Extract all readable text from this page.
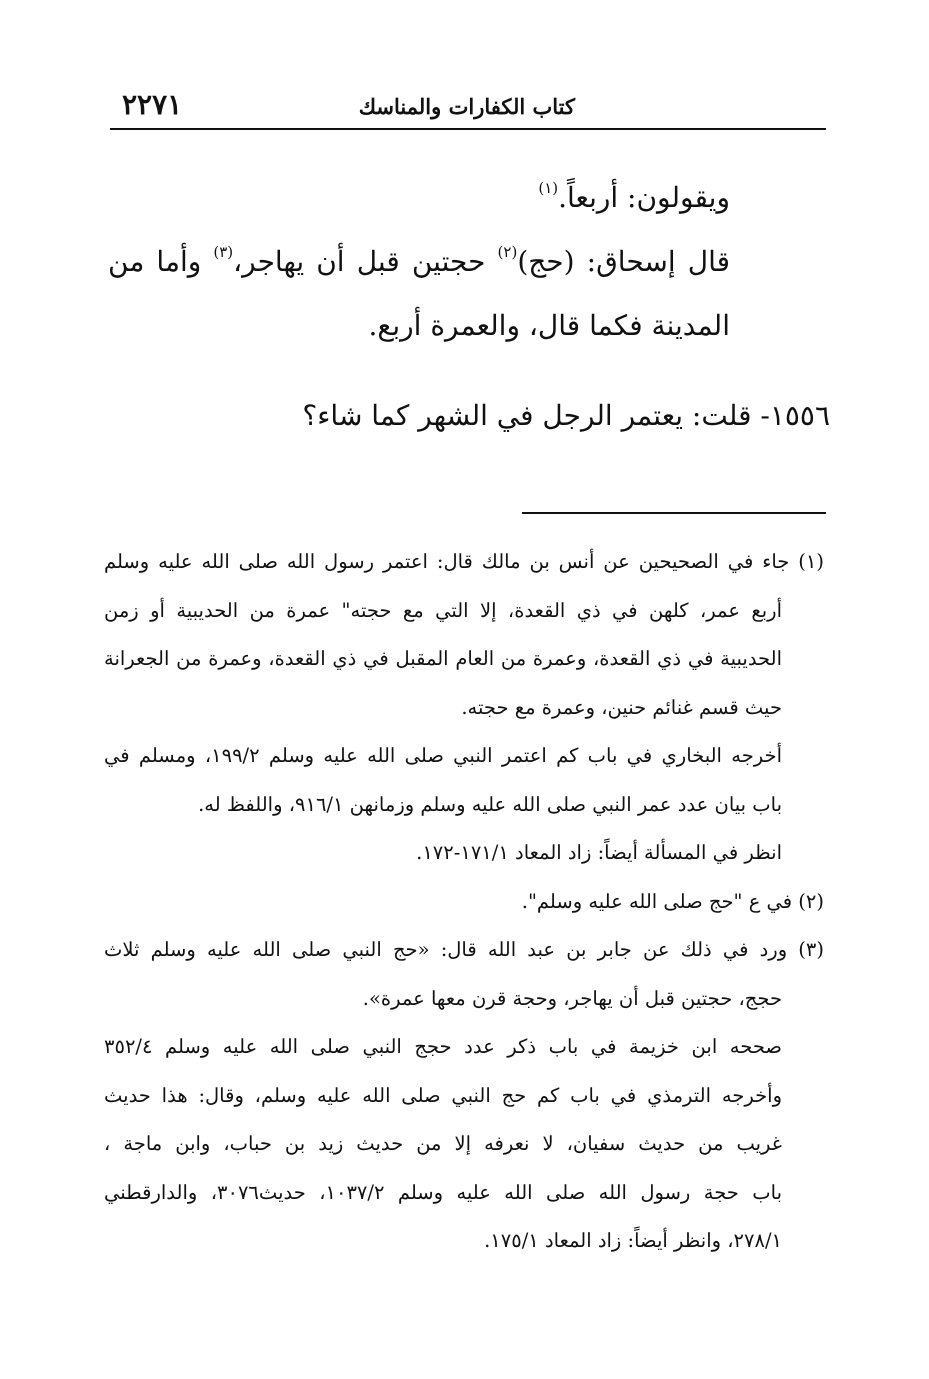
كتاب الكفارات والمناسك
٢٢٧١

ويقولون: أربعاً.$^{(١)}$

قال إسحاق: (حج)$^{(٢)}$ حجتين قبل أن يهاجر،$^{(٣)}$ وأما من المدينة فكما قال، والعمرة أربع.

١٥٥٦- قلت: يعتمر الرجل في الشهر كما شاء؟

(١) جاء في الصحيحين عن أنس بن مالك قال: اعتمر رسول الله صلى الله عليه وسلم

أربع عمر، كلهن في ذي القعدة، إلا التي مع حجته" عمرة من الحديبية أو زمن

الحديبية في ذي القعدة، وعمرة من العام المقبل في ذي القعدة، وعمرة من الجعرانة

حيث قسم غنائم حنين، وعمرة مع حجته.

أخرجه البخاري في باب كم اعتمر النبي صلى الله عليه وسلم ١٩٩/٢، ومسلم في

باب بيان عدد عمر النبي صلى الله عليه وسلم وزمانهن ٩١٦/١، واللفظ له.

انظر في المسألة أيضاً: زاد المعاد ١٧١/١-١٧٢.

(٢) في ع "حج صلى الله عليه وسلم".

(٣) ورد في ذلك عن جابر بن عبد الله قال: «حج النبي صلى الله عليه وسلم ثلاث

حجج، حجتين قبل أن يهاجر، وحجة قرن معها عمرة».

صححه ابن خزيمة في باب ذكر عدد حجج النبي صلى الله عليه وسلم ٣٥٢/٤

وأخرجه الترمذي في باب كم حج النبي صلى الله عليه وسلم، وقال: هذا حديث

غريب من حديث سفيان، لا نعرفه إلا من حديث زيد بن حباب، وابن ماجة ،

باب حجة رسول الله صلى الله عليه وسلم ١٠٣٧/٢، حديث٣٠٧٦، والدارقطني

٢٧٨/١، وانظر أيضاً: زاد المعاد ١٧٥/١.
